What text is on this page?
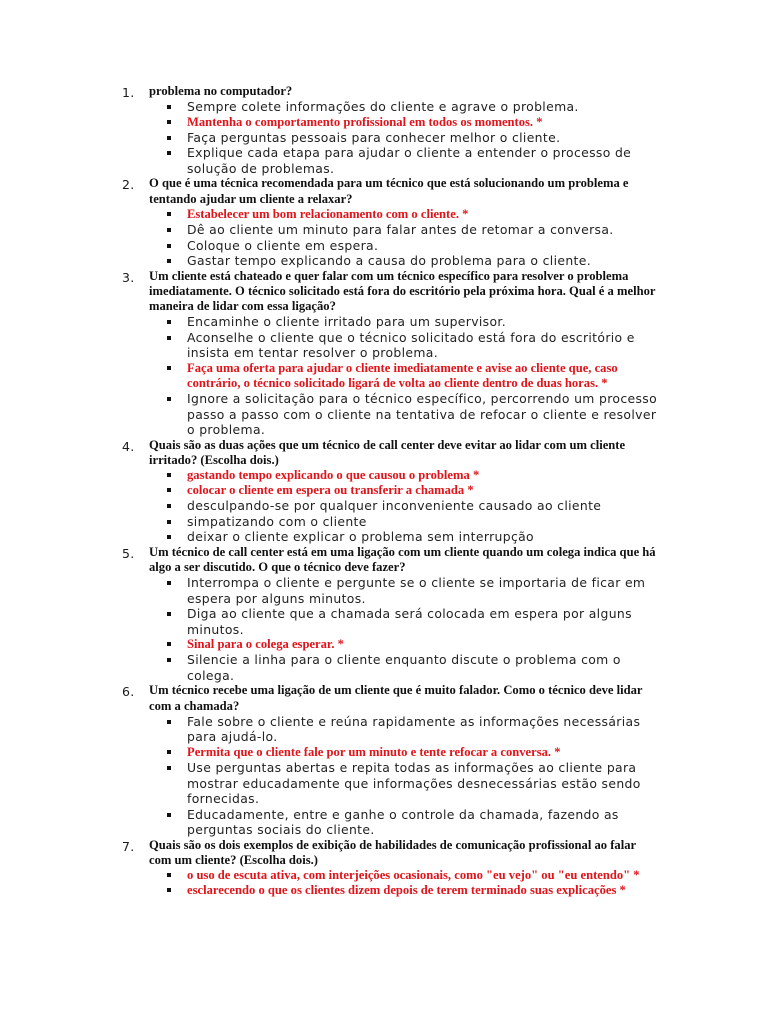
1. problema no computador?
Sempre colete informações do cliente e agrave o problema.
Mantenha o comportamento profissional em todos os momentos. *
Faça perguntas pessoais para conhecer melhor o cliente.
Explique cada etapa para ajudar o cliente a entender o processo de solução de problemas.
2. O que é uma técnica recomendada para um técnico que está solucionando um problema e tentando ajudar um cliente a relaxar?
Estabelecer um bom relacionamento com o cliente. *
Dê ao cliente um minuto para falar antes de retomar a conversa.
Coloque o cliente em espera.
Gastar tempo explicando a causa do problema para o cliente.
3. Um cliente está chateado e quer falar com um técnico específico para resolver o problema imediatamente. O técnico solicitado está fora do escritório pela próxima hora. Qual é a melhor maneira de lidar com essa ligação?
Encaminhe o cliente irritado para um supervisor.
Aconselhe o cliente que o técnico solicitado está fora do escritório e insista em tentar resolver o problema.
Faça uma oferta para ajudar o cliente imediatamente e avise ao cliente que, caso contrário, o técnico solicitado ligará de volta ao cliente dentro de duas horas. *
Ignore a solicitação para o técnico específico, percorrendo um processo passo a passo com o cliente na tentativa de refocar o cliente e resolver o problema.
4. Quais são as duas ações que um técnico de call center deve evitar ao lidar com um cliente irritado? (Escolha dois.)
gastando tempo explicando o que causou o problema *
colocar o cliente em espera ou transferir a chamada *
desculpando-se por qualquer inconveniente causado ao cliente
simpatizando com o cliente
deixar o cliente explicar o problema sem interrupção
5. Um técnico de call center está em uma ligação com um cliente quando um colega indica que há algo a ser discutido. O que o técnico deve fazer?
Interrompa o cliente e pergunte se o cliente se importaria de ficar em espera por alguns minutos.
Diga ao cliente que a chamada será colocada em espera por alguns minutos.
Sinal para o colega esperar. *
Silencie a linha para o cliente enquanto discute o problema com o colega.
6. Um técnico recebe uma ligação de um cliente que é muito falador. Como o técnico deve lidar com a chamada?
Fale sobre o cliente e reúna rapidamente as informações necessárias para ajudá-lo.
Permita que o cliente fale por um minuto e tente refocar a conversa. *
Use perguntas abertas e repita todas as informações ao cliente para mostrar educadamente que informações desnecessárias estão sendo fornecidas.
Educadamente, entre e ganhe o controle da chamada, fazendo as perguntas sociais do cliente.
7. Quais são os dois exemplos de exibição de habilidades de comunicação profissional ao falar com um cliente? (Escolha dois.)
o uso de escuta ativa, com interjeições ocasionais, como "eu vejo" ou "eu entendo" *
esclarecendo o que os clientes dizem depois de terem terminado suas explicações *
